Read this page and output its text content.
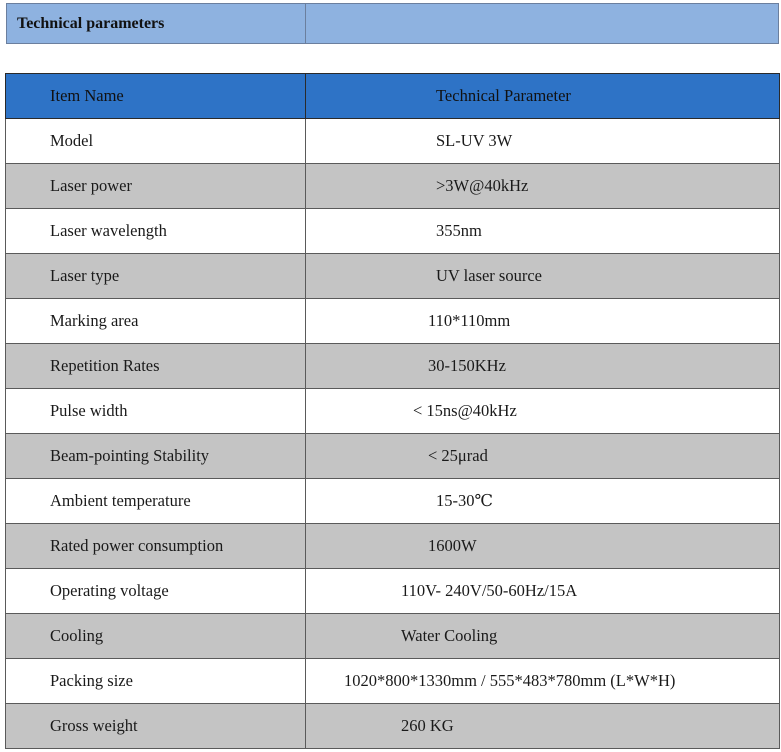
Technical parameters
Item Name	Technical Parameter
Model	SL-UV 3W
Laser power	>3W@40kHz
Laser wavelength	355nm
Laser type	UV laser source
Marking area	110*110mm
Repetition Rates	30-150KHz
Pulse width	< 15ns@40kHz
Beam-pointing Stability	< 25μrad
Ambient temperature	15-30℃
Rated power consumption	1600W
Operating voltage	110V- 240V/50-60Hz/15A
Cooling	Water Cooling
Packing size	1020*800*1330mm / 555*483*780mm (L*W*H)
Gross weight	260 KG
